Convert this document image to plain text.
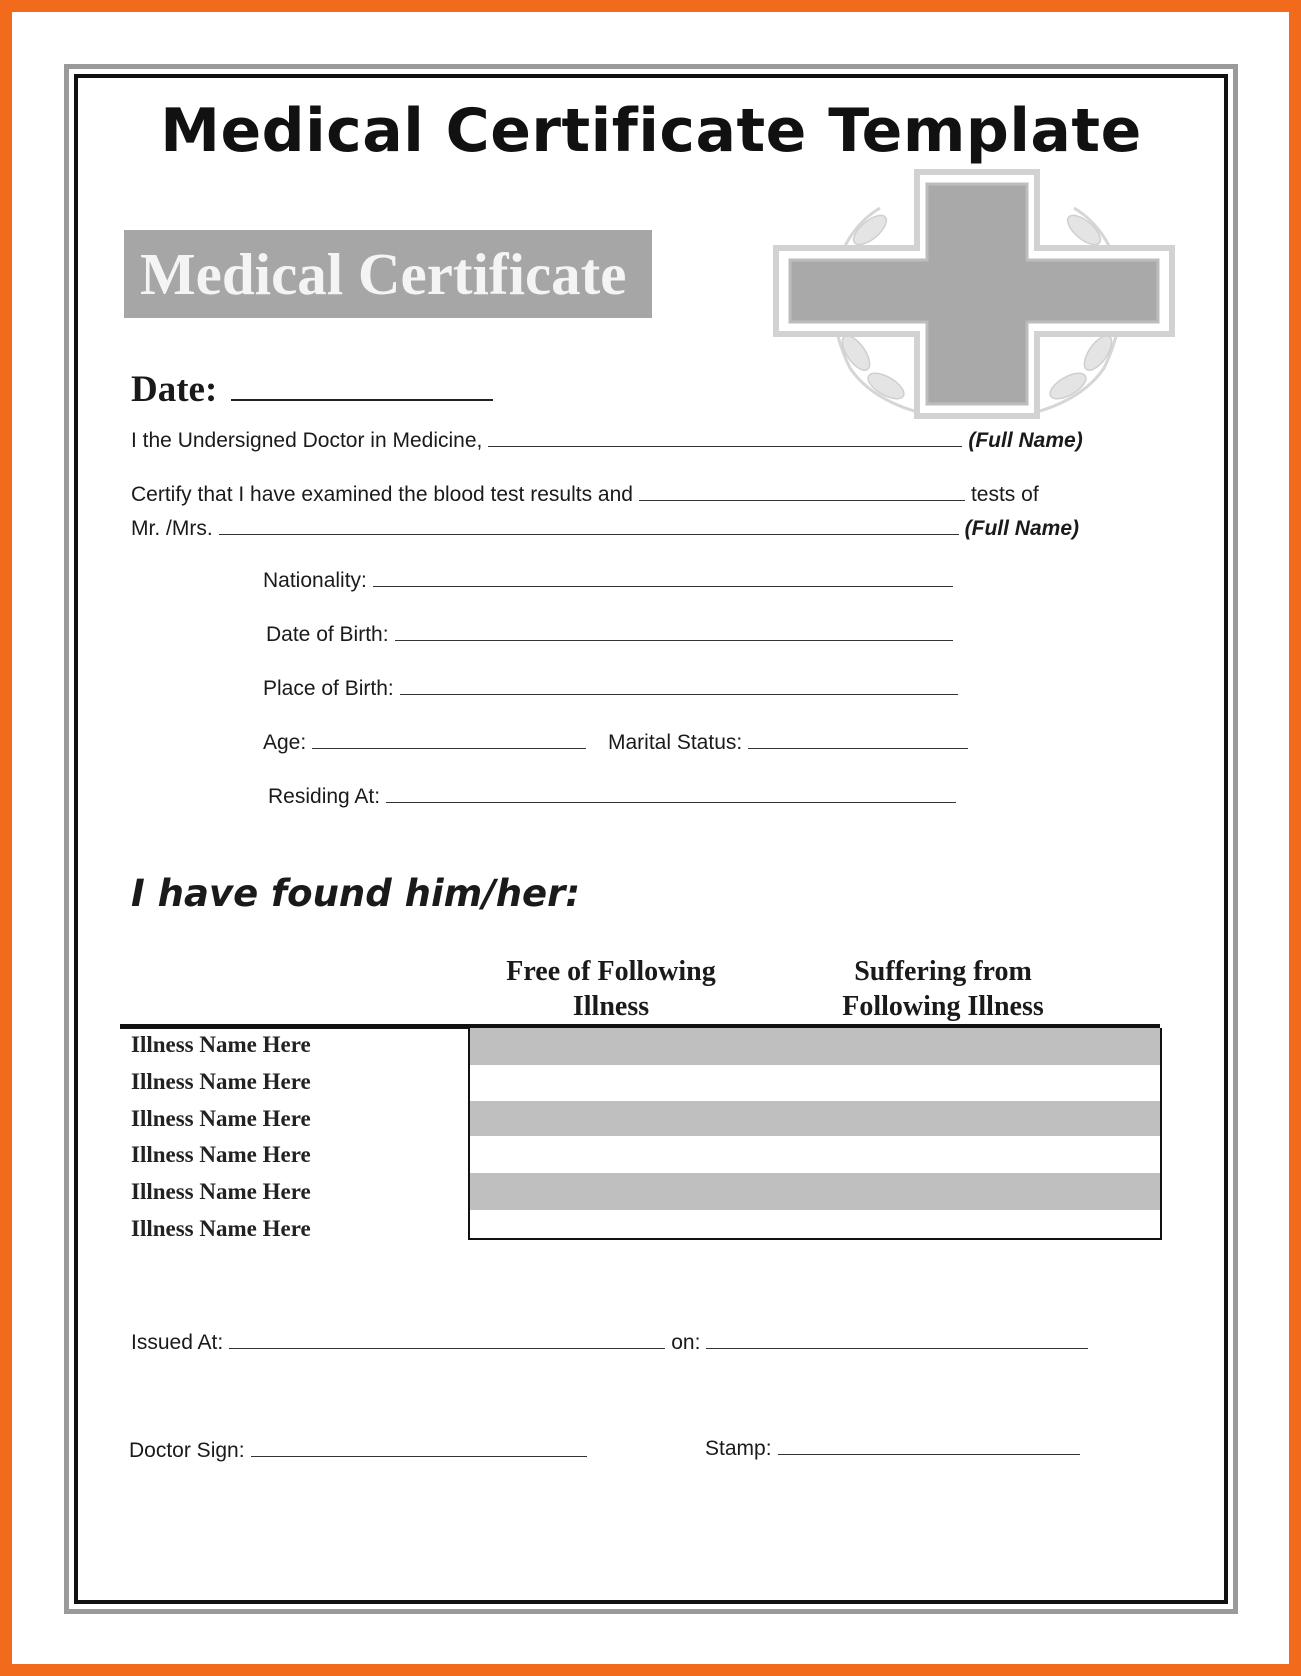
Medical Certificate Template
Medical Certificate
Date:
I the Undersigned Doctor in Medicine,	(Full Name)
Certify that I have examined the blood test results and	tests of
Mr. /Mrs.	(Full Name)
Nationality:
Date of Birth:
Place of Birth:
Age:	Marital Status:
Residing At:
I have found him/her:
Free of Following Illness
Suffering from Following Illness
Illness Name Here
Illness Name Here
Illness Name Here
Illness Name Here
Illness Name Here
Illness Name Here
Issued At:	on:
Doctor Sign:	Stamp:
